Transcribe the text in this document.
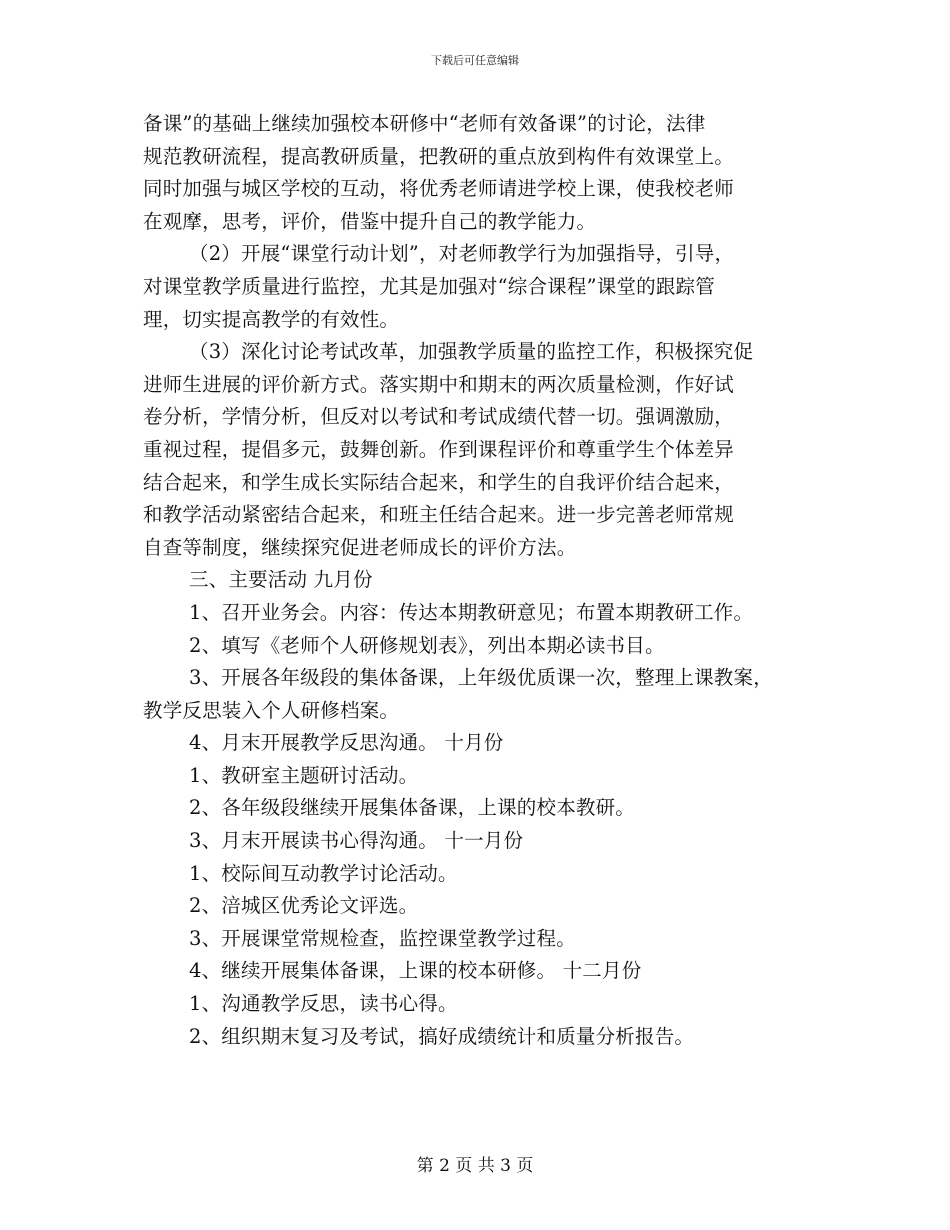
下载后可任意编辑
备课”的基础上继续加强校本研修中“老师有效备课”的讨论，法律
规范教研流程，提高教研质量，把教研的重点放到构件有效课堂上。
同时加强与城区学校的互动，将优秀老师请进学校上课，使我校老师
在观摩，思考，评价，借鉴中提升自己的教学能力。
（2）开展“课堂行动计划”，对老师教学行为加强指导，引导，
对课堂教学质量进行监控，尤其是加强对“综合课程”课堂的跟踪管
理，切实提高教学的有效性。
（3）深化讨论考试改革，加强教学质量的监控工作，积极探究促
进师生进展的评价新方式。落实期中和期末的两次质量检测，作好试
卷分析，学情分析，但反对以考试和考试成绩代替一切。强调激励，
重视过程，提倡多元，鼓舞创新。作到课程评价和尊重学生个体差异
结合起来，和学生成长实际结合起来，和学生的自我评价结合起来，
和教学活动紧密结合起来，和班主任结合起来。进一步完善老师常规
自查等制度，继续探究促进老师成长的评价方法。
三、主要活动 九月份
1、召开业务会。内容：传达本期教研意见；布置本期教研工作。
2、填写《老师个人研修规划表》，列出本期必读书目。
3、开展各年级段的集体备课，上年级优质课一次，整理上课教案，
教学反思装入个人研修档案。
4、月末开展教学反思沟通。 十月份
1、教研室主题研讨活动。
2、各年级段继续开展集体备课，上课的校本教研。
3、月末开展读书心得沟通。 十一月份
1、校际间互动教学讨论活动。
2、涪城区优秀论文评选。
3、开展课堂常规检查，监控课堂教学过程。
4、继续开展集体备课，上课的校本研修。 十二月份
1、沟通教学反思，读书心得。
2、组织期末复习及考试，搞好成绩统计和质量分析报告。
第 2 页 共 3 页
